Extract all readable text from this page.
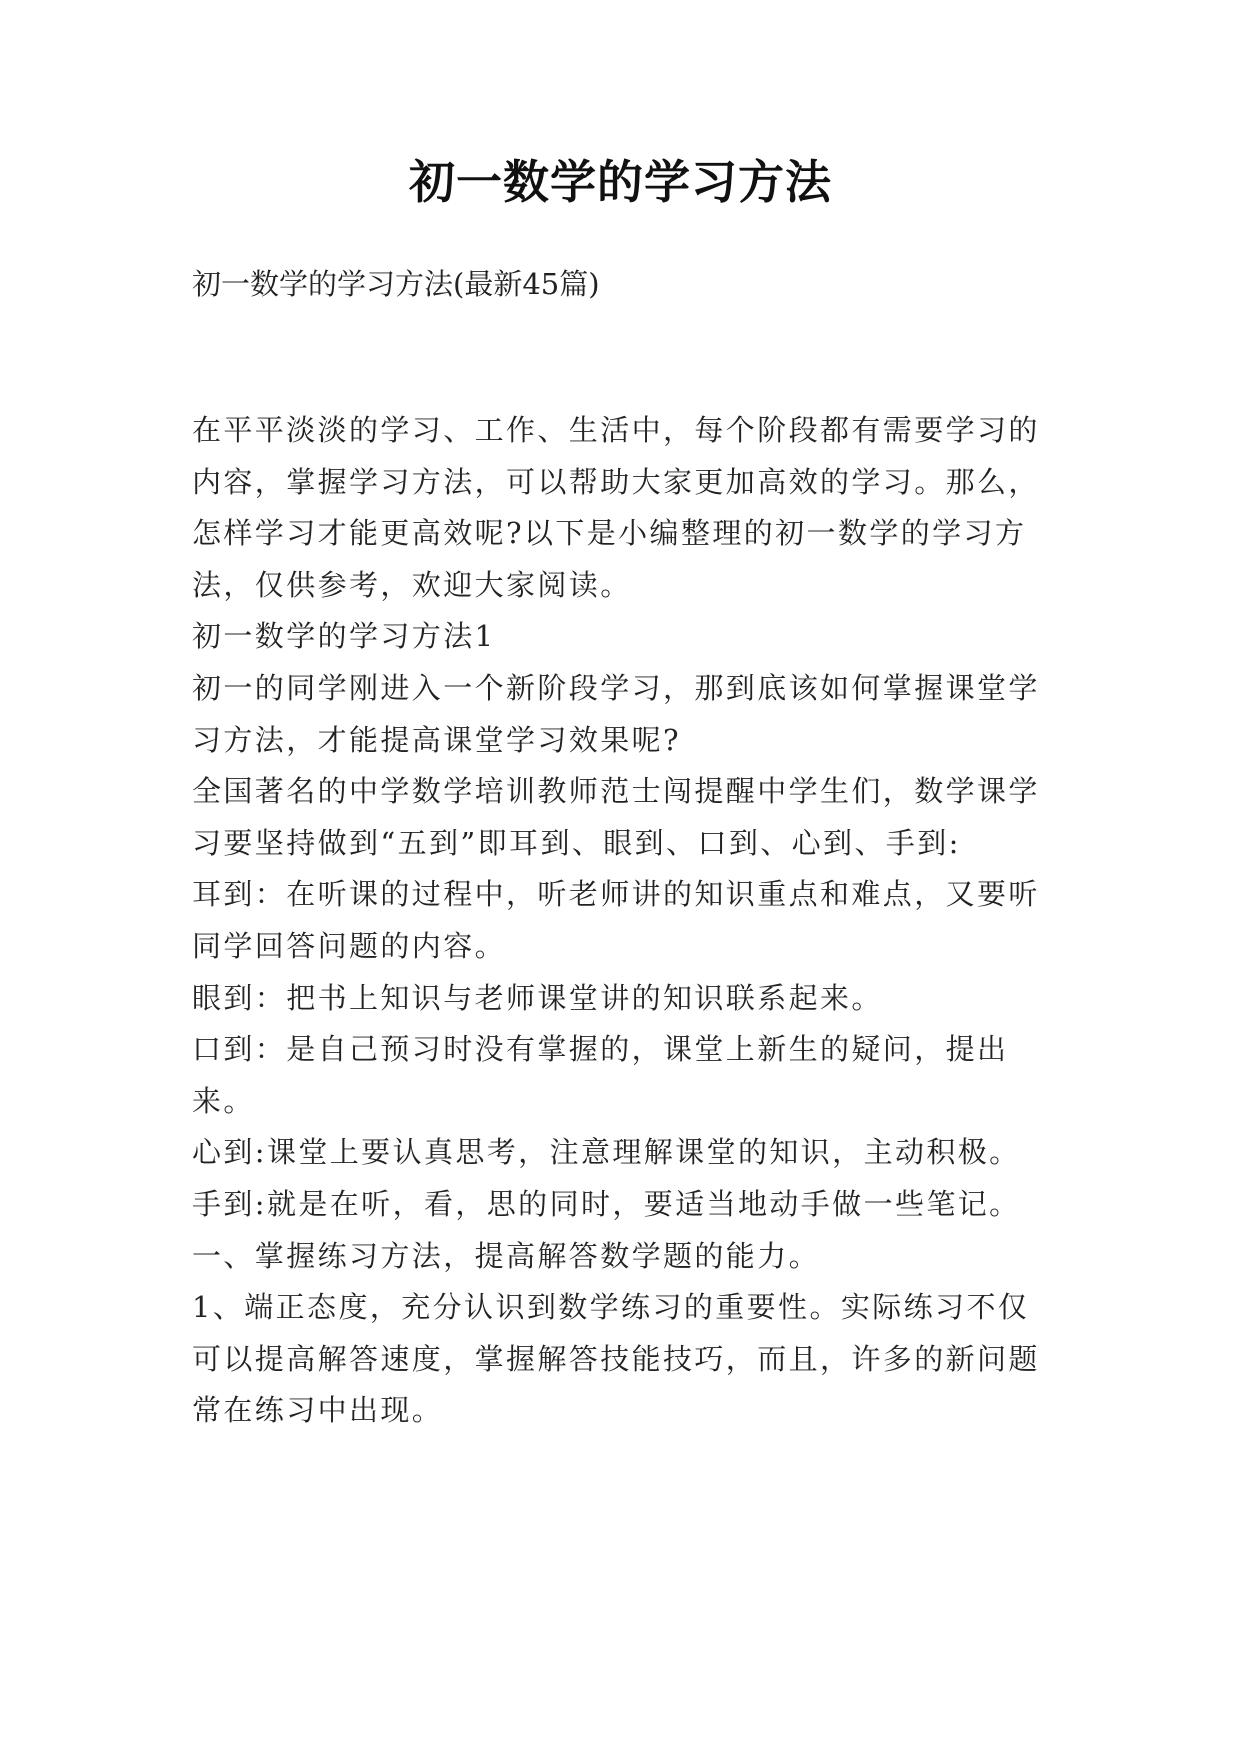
初一数学的学习方法
初一数学的学习方法(最新45篇)

在平平淡淡的学习、工作、生活中，每个阶段都有需要学习的内容，掌握学习方法，可以帮助大家更加高效的学习。那么，怎样学习才能更高效呢?以下是小编整理的初一数学的学习方法，仅供参考，欢迎大家阅读。

初一数学的学习方法1

初一的同学刚进入一个新阶段学习，那到底该如何掌握课堂学习方法，才能提高课堂学习效果呢?

全国著名的中学数学培训教师范士闯提醒中学生们，数学课学习要坚持做到“五到”即耳到、眼到、口到、心到、手到:

耳到：在听课的过程中，听老师讲的知识重点和难点，又要听同学回答问题的内容。

眼到：把书上知识与老师课堂讲的知识联系起来。

口到：是自己预习时没有掌握的，课堂上新生的疑问，提出来。

心到:课堂上要认真思考，注意理解课堂的知识，主动积极。

手到:就是在听，看，思的同时，要适当地动手做一些笔记。

一、掌握练习方法，提高解答数学题的能力。

1、端正态度，充分认识到数学练习的重要性。实际练习不仅可以提高解答速度，掌握解答技能技巧，而且，许多的新问题常在练习中出现。
